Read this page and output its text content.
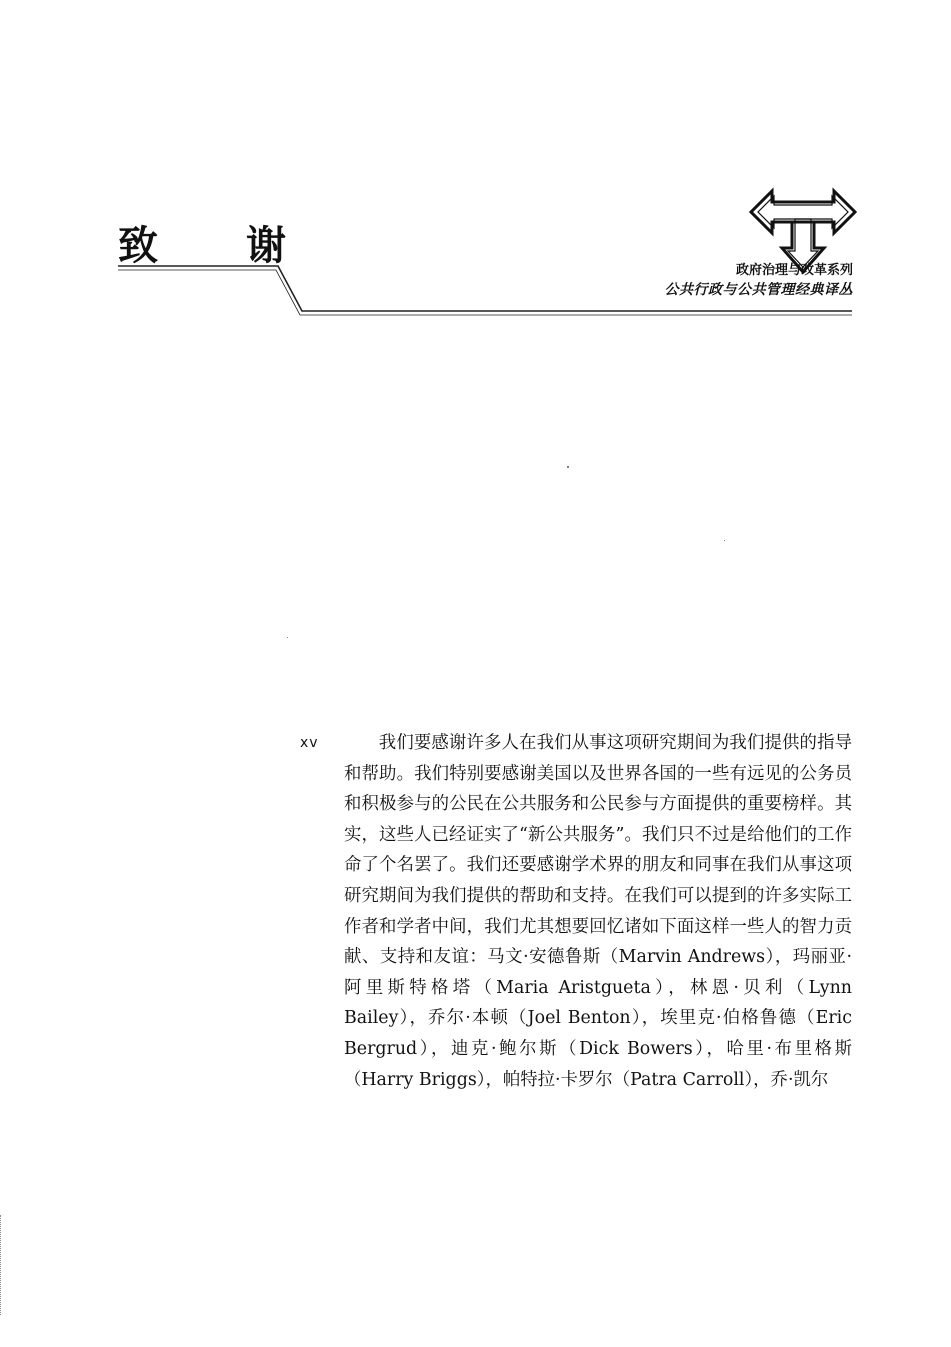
致 谢
政府治理与改革系列
公共行政与公共管理经典译丛
xv	我们要感谢许多人在我们从事这项研究期间为我们提供的指导和帮助。我们特别要感谢美国以及世界各国的一些有远见的公务员和积极参与的公民在公共服务和公民参与方面提供的重要榜样。其实，这些人已经证实了“新公共服务”。我们只不过是给他们的工作命了个名罢了。我们还要感谢学术界的朋友和同事在我们从事这项研究期间为我们提供的帮助和支持。在我们可以提到的许多实际工作者和学者中间，我们尤其想要回忆诸如下面这样一些人的智力贡献、支持和友谊：马文·安德鲁斯（Marvin Andrews），玛丽亚·阿里斯特格塔（Maria Aristgueta），林恩·贝利（Lynn Bailey），乔尔·本顿（Joel Benton），埃里克·伯格鲁德（Eric Bergrud），迪克·鲍尔斯（Dick Bowers），哈里·布里格斯（Harry Briggs），帕特拉·卡罗尔（Patra Carroll），乔·凯尔
